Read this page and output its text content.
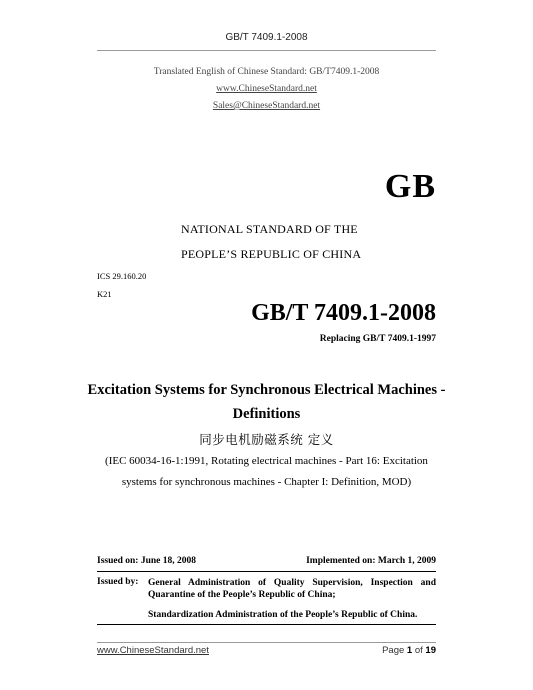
GB/T 7409.1-2008
Translated English of Chinese Standard: GB/T7409.1-2008
www.ChineseStandard.net
Sales@ChineseStandard.net
GB
NATIONAL STANDARD OF THE
PEOPLE’S REPUBLIC OF CHINA
ICS 29.160.20
K21
GB/T 7409.1-2008
Replacing GB/T 7409.1-1997
Excitation Systems for Synchronous Electrical Machines -
Definitions
同步电机励磁系统 定义
(IEC 60034-16-1:1991, Rotating electrical machines - Part 16: Excitation
systems for synchronous machines - Chapter I: Definition, MOD)
Issued on: June 18, 2008	Implemented on: March 1, 2009
Issued by: General Administration of Quality Supervision, Inspection and Quarantine of the People’s Republic of China;
Standardization Administration of the People’s Republic of China.
www.ChineseStandard.net	Page 1 of 19
